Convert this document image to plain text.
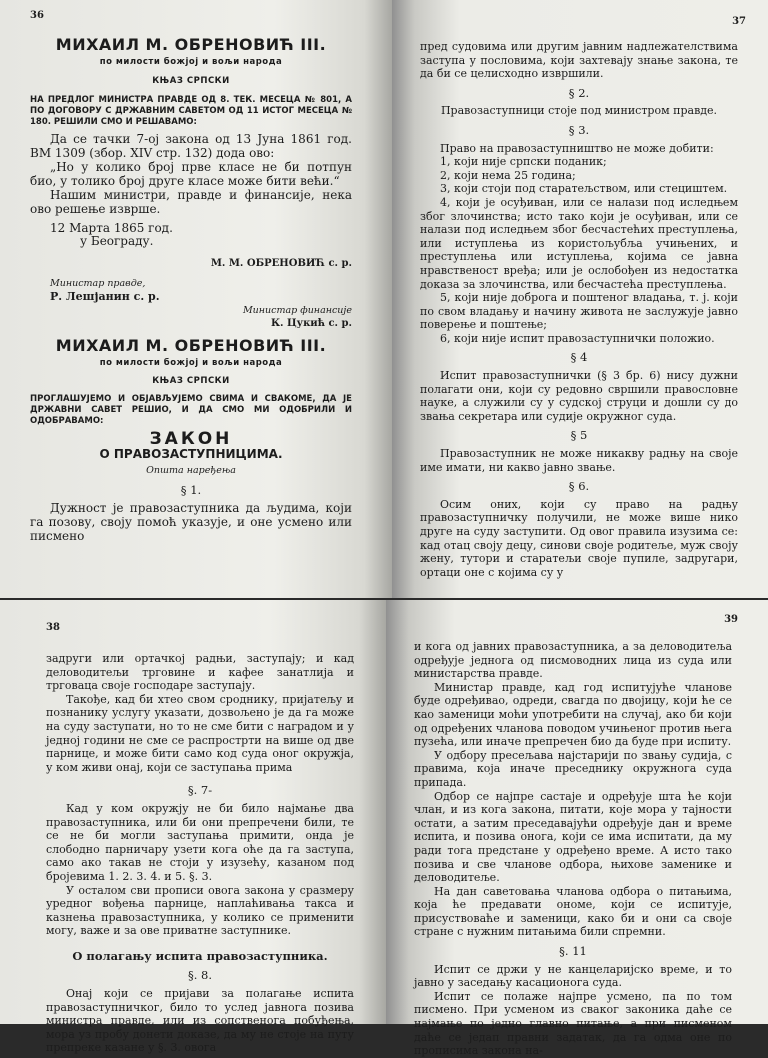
36
МИХАИЛ М. ОБРЕНОВИЋ III.
по милости божјој и вољи народа
КЊАЗ СРПСКИ

НА ПРЕДЛОГ МИНИСТРА ПРАВДЕ ОД 8. ТЕК. МЕСЕЦА № 801, А ПО ДОГОВОРУ С ДРЖАВНИМ САВЕТОМ ОД 11 ИСТОГ МЕСЕЦА № 180. РЕШИЛИ СМО И РЕШАВАМО:

Да се тачки 7-ој закона од 13 Јуна 1861 год. ВМ 1309 (збор. XIV стр. 132) дода ово:

„Но у колико број прве класе не би потпун био, у толико број друге класе може бити већи.“

Нашим министри, правде и финансије, нека ово решење изврше.

12 Марта 1865 год.

у Београду.

М. М. ОБРЕНОВИЋ с. р.

Министар правде,

Р. Лешјанин с. р.

Министар финансије

К. Цукић с. р.

МИХАИЛ М. ОБРЕНОВИЋ III.
по милости божјој и вољи народа
КЊАЗ СРПСКИ

ПРОГЛАШУЈЕМО И ОБЈАВЉУЈЕМО СВИМА И СВАКОМЕ, ДА ЈЕ ДРЖАВНИ САВЕТ РЕШИО, И ДА СМО МИ ОДОБРИЛИ И ОДОБРАВАМО:

ЗАКОН
О ПРАВОЗАСТУПНИЦИМА.
Општа наређења
§ 1.

Дужност је правозаступника да људима, који га позову, своју помоћ указује, и оне усмено или писмено

37

пред судовима или другим јавним надлежателствима заступа у пословима, који захтевају знање закона, те да би се целисходно извршили.

§ 2.

Правозаступници стоје под министром правде.

§ 3.

Право на правозаступништво не може добити:

1, који није српски поданик;

2, који нема 25 година;

3, који стоји под старатељством, или стециштем.

4, који је осуђиван, или се налази под иследњем због злочинства; исто тако који је осуђиван, или се налази под иследњем због бесчастећих преступлења, или иступлења из користољубља учињених, и преступлења или иступлења, којима се јавна нравственост вређа; или је ослобођен из недостатка доказа за злочинства, или бесчастећа преступлења.

5, који није доброга и поштеног владања, т. ј. који по свом владању и начину живота не заслужује јавно поверење и поштење;

6, који није испит правозаступнички положио.

§ 4

Испит правозаступнички (§ 3 бр. 6) нису дужни полагати они, који су редовно свршили правословне науке, а служили су у судској струци и дошли су до звања секретара или судије окружног суда.

§ 5

Правозаступник не може никакву радњу на своје име имати, ни какво јавно звање.

§ 6.

Осим оних, који су право на радњу правозаступничку получили, не може више нико друге на суду заступити. Од овог правила изузима се: кад отац своју децу, синови своје родитеље, муж своју жену, тутори и старатељи своје пупиле, задругари, ортаци оне с којима су у

38

задруги или ортачкој радњи, заступају; и кад деловодитељи трговине и кафее занатлија и трговаца своје господаре заступају.

Такође, кад би хтео свом сроднику, пријатељу и познанику услугу указати, дозвољено је да га може на суду заступати, но то не сме бити с наградом и у једној години не сме се распрострти на више од две парнице, и може бити само код суда оног окружја, у ком живи онај, који се заступања прима

§. 7-

Кад у ком окружју не би било најмање два правозаступника, или би они препречени били, те се не би могли заступања примити, онда је слободно парничару узети кога оће да га заступа, само ако такав не стоји у изузећу, казаном под бројевима 1. 2. 3. 4. и 5. §. 3.

У осталом сви прописи овога закона у сразмеру уредног вођења парнице, наплаћивања такса и казнења правозаступника, у колико се применити могу, важе и за ове приватне заступнике.

О полагању испита правозаступника.
§. 8.

Онај који се пријави за полагање испита правозаступничког, било то услед јавнога позива министра правде, или из сопственога побуђења, мора уз пробу донети доказе, да му не стоје на путу препреке казане у §. 3. овога

39

и кога од јавних правозаступника, а за деловодитеља одређује једнога од писмоводних лица из суда или министарства правде.

Министар правде, кад год испитујуће чланове буде одређивао, одреди, свагда по двојицу, који ће се као заменици моћи употребити на случај, ако би који од одређених чланова поводом учињеног против њега пузећа, или иначе препречен био да буде при испиту.

У одбору пресељава најстарији по звању судија, с правима, која иначе преседнику окружнога суда припада.

Одбор се најпре састаје и одређује шта ће који члан, и из кога закона, питати, које мора у тајности остати, а затим преседавајући одређује дан и време испита, и позива онога, који се има испитати, да му ради тога предстане у одређено време. А исто тако позива и све чланове одбора, њихове заменике и деловодитеље.

На дан саветовања чланова одбора о питањима, која ће предавати ономе, који се испитује, присуствоваће и заменици, како би и они са своје стране с нужним питањима били спремни.

§. 11

Испит се држи у не канцеларијско време, и то јавно у заседању касационога суда.

Испит се полаже најпре усмено, па по том писмено. При усменом из сваког законика даће се најмање по једно главно питање, а при писменом даће се једап правни задатак, да га одма оне по прописима закона на-
